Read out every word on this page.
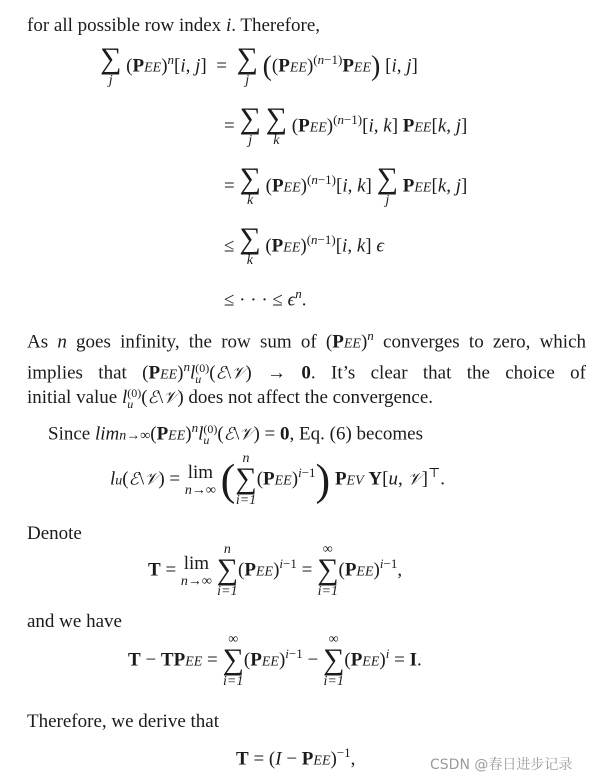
for all possible row index i. Therefore,
∑
j
(PEE)$^n$[i, j]  = ∑
j ((PEE)$^{(n-1)}$PEE) [i, j]
= ∑
j

∑
k
(PEE)$^{(n-1)}$[i, k] PEE[k, j]
= ∑
k
(PEE)$^{(n-1)}$[i, k] ∑
j
PEE[k, j]
≤ ∑
k
(PEE)$^{(n-1)}$[i, k] ϵ
≤ · · · ≤ $\epsilon^n$.
As n goes infinity, the row sum of (PEE)$^n$ converges to zero, which
implies that (PEE)$^n$l (0)
u (ℰ\𝒱) → 0. It’s clear that the choice of
initial value l (0)
u (ℰ\𝒱) does not affect the convergence.
Since limn→∞(PEE)$^n$l (0)
u (ℰ\𝒱) = 0, Eq. (6) becomes
lu(ℰ\𝒱) = lim
n→∞ ( n
∑
i=1
(PEE)$^{i-1}$) PEV Y[u, 𝒱]⊤.
Denote
T = lim
n→∞

n
∑
i=1
(PEE)$^{i-1}$ =
∞
∑
i=1
(PEE)$^{i-1}$,
and we have
T − TPEE =
∞
∑
i=1
(PEE)$^{i-1}$ −
∞
∑
i=1
(PEE)$^i$ = I.
Therefore, we derive that
T = (I − PEE)$^{-1}$,	CSDN @春日进步记录
